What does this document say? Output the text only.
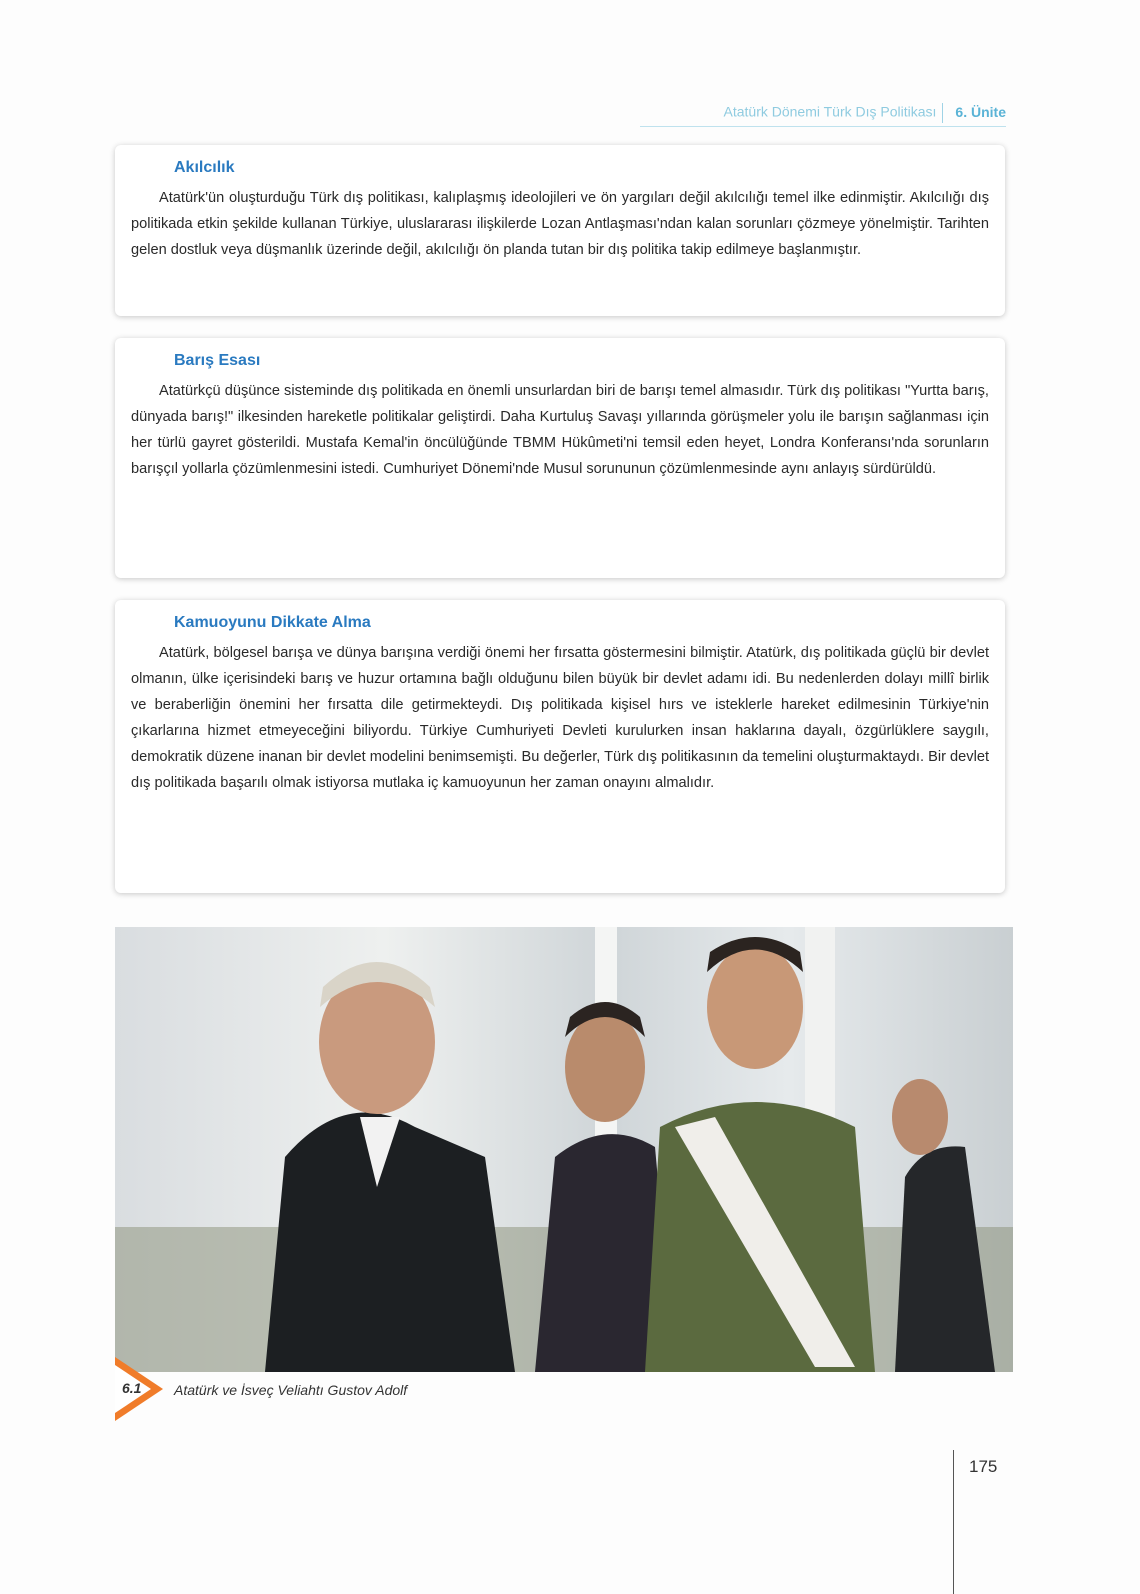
Atatürk Dönemi Türk Dış Politikası 6. Ünite
Akılcılık

Atatürk'ün oluşturduğu Türk dış politikası, kalıplaşmış ideolojileri ve ön yargıları değil akılcılığı temel ilke edinmiştir. Akılcılığı dış politikada etkin şekilde kullanan Türkiye, uluslararası ilişkilerde Lozan Antlaşması'ndan kalan sorunları çözmeye yönelmiştir. Tarihten gelen dostluk veya düşmanlık üzerinde değil, akılcılığı ön planda tutan bir dış politika takip edilmeye başlanmıştır.

Barış Esası

Atatürkçü düşünce sisteminde dış politikada en önemli unsurlardan biri de barışı temel almasıdır. Türk dış politikası "Yurtta barış, dünyada barış!" ilkesinden hareketle politikalar geliştirdi. Daha Kurtuluş Savaşı yıllarında görüşmeler yolu ile barışın sağlanması için her türlü gayret gösterildi. Mustafa Kemal'in öncülüğünde TBMM Hükûmeti'ni temsil eden heyet, Londra Konferansı'nda sorunların barışçıl yollarla çözümlenmesini istedi. Cumhuriyet Dönemi'nde Musul sorununun çözümlenmesinde aynı anlayış sürdürüldü.

Kamuoyunu Dikkate Alma

Atatürk, bölgesel barışa ve dünya barışına verdiği önemi her fırsatta göstermesini bilmiştir. Atatürk, dış politikada güçlü bir devlet olmanın, ülke içerisindeki barış ve huzur ortamına bağlı olduğunu bilen büyük bir devlet adamı idi. Bu nedenlerden dolayı millî birlik ve beraberliğin önemini her fırsatta dile getirmekteydi. Dış politikada kişisel hırs ve isteklerle hareket edilmesinin Türkiye'nin çıkarlarına hizmet etmeyeceğini biliyordu. Türkiye Cumhuriyeti Devleti kurulurken insan haklarına dayalı, özgürlüklere saygılı, demokratik düzene inanan bir devlet modelini benimsemişti. Bu değerler, Türk dış politikasının da temelini oluşturmaktaydı. Bir devlet dış politikada başarılı olmak istiyorsa mutlaka iç kamuoyunun her zaman onayını almalıdır.

6.1 Atatürk ve İsveç Veliahtı Gustov Adolf
175
